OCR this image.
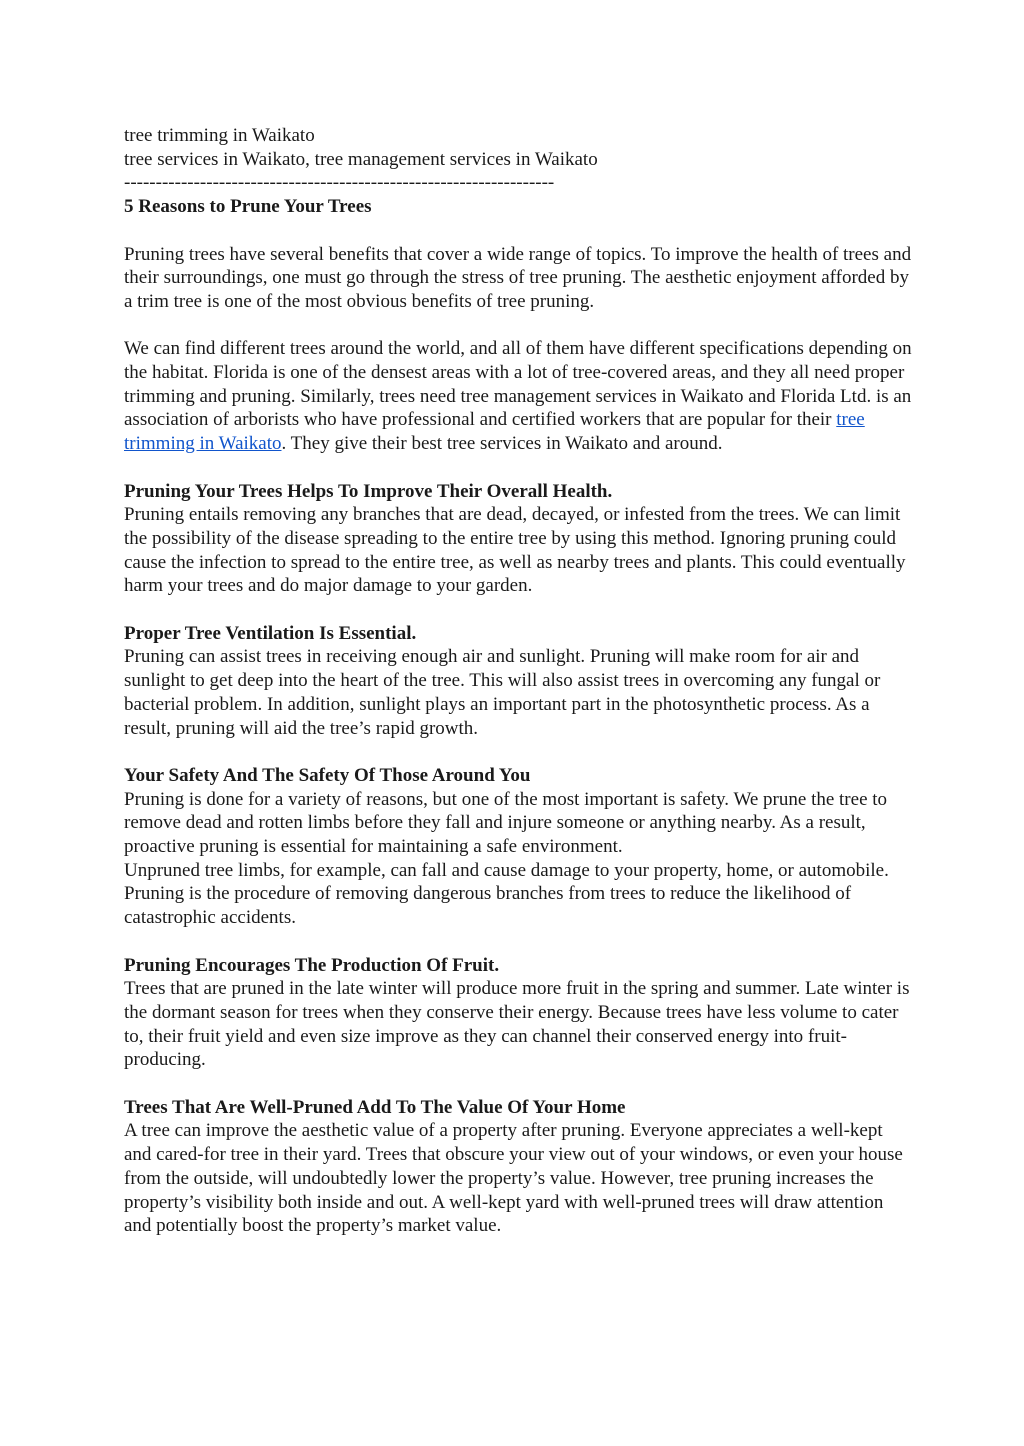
tree trimming in Waikato
tree services in Waikato, tree management services in Waikato
--------------------------------------------------------------------
5 Reasons to Prune Your Trees
Pruning trees have several benefits that cover a wide range of topics. To improve the health of trees and their surroundings, one must go through the stress of tree pruning. The aesthetic enjoyment afforded by a trim tree is one of the most obvious benefits of tree pruning.
We can find different trees around the world, and all of them have different specifications depending on the habitat. Florida is one of the densest areas with a lot of tree-covered areas, and they all need proper trimming and pruning. Similarly, trees need tree management services in Waikato and Florida Ltd. is an association of arborists who have professional and certified workers that are popular for their tree trimming in Waikato. They give their best tree services in Waikato and around.
Pruning Your Trees Helps To Improve Their Overall Health.
Pruning entails removing any branches that are dead, decayed, or infested from the trees. We can limit the possibility of the disease spreading to the entire tree by using this method. Ignoring pruning could cause the infection to spread to the entire tree, as well as nearby trees and plants. This could eventually harm your trees and do major damage to your garden.
Proper Tree Ventilation Is Essential.
Pruning can assist trees in receiving enough air and sunlight. Pruning will make room for air and sunlight to get deep into the heart of the tree. This will also assist trees in overcoming any fungal or bacterial problem. In addition, sunlight plays an important part in the photosynthetic process. As a result, pruning will aid the tree’s rapid growth.
Your Safety And The Safety Of Those Around You
Pruning is done for a variety of reasons, but one of the most important is safety. We prune the tree to remove dead and rotten limbs before they fall and injure someone or anything nearby. As a result, proactive pruning is essential for maintaining a safe environment.
Unpruned tree limbs, for example, can fall and cause damage to your property, home, or automobile. Pruning is the procedure of removing dangerous branches from trees to reduce the likelihood of catastrophic accidents.
Pruning Encourages The Production Of Fruit.
Trees that are pruned in the late winter will produce more fruit in the spring and summer. Late winter is the dormant season for trees when they conserve their energy. Because trees have less volume to cater to, their fruit yield and even size improve as they can channel their conserved energy into fruit-producing.
Trees That Are Well-Pruned Add To The Value Of Your Home
A tree can improve the aesthetic value of a property after pruning. Everyone appreciates a well-kept and cared-for tree in their yard. Trees that obscure your view out of your windows, or even your house from the outside, will undoubtedly lower the property’s value. However, tree pruning increases the property’s visibility both inside and out. A well-kept yard with well-pruned trees will draw attention and potentially boost the property’s market value.
